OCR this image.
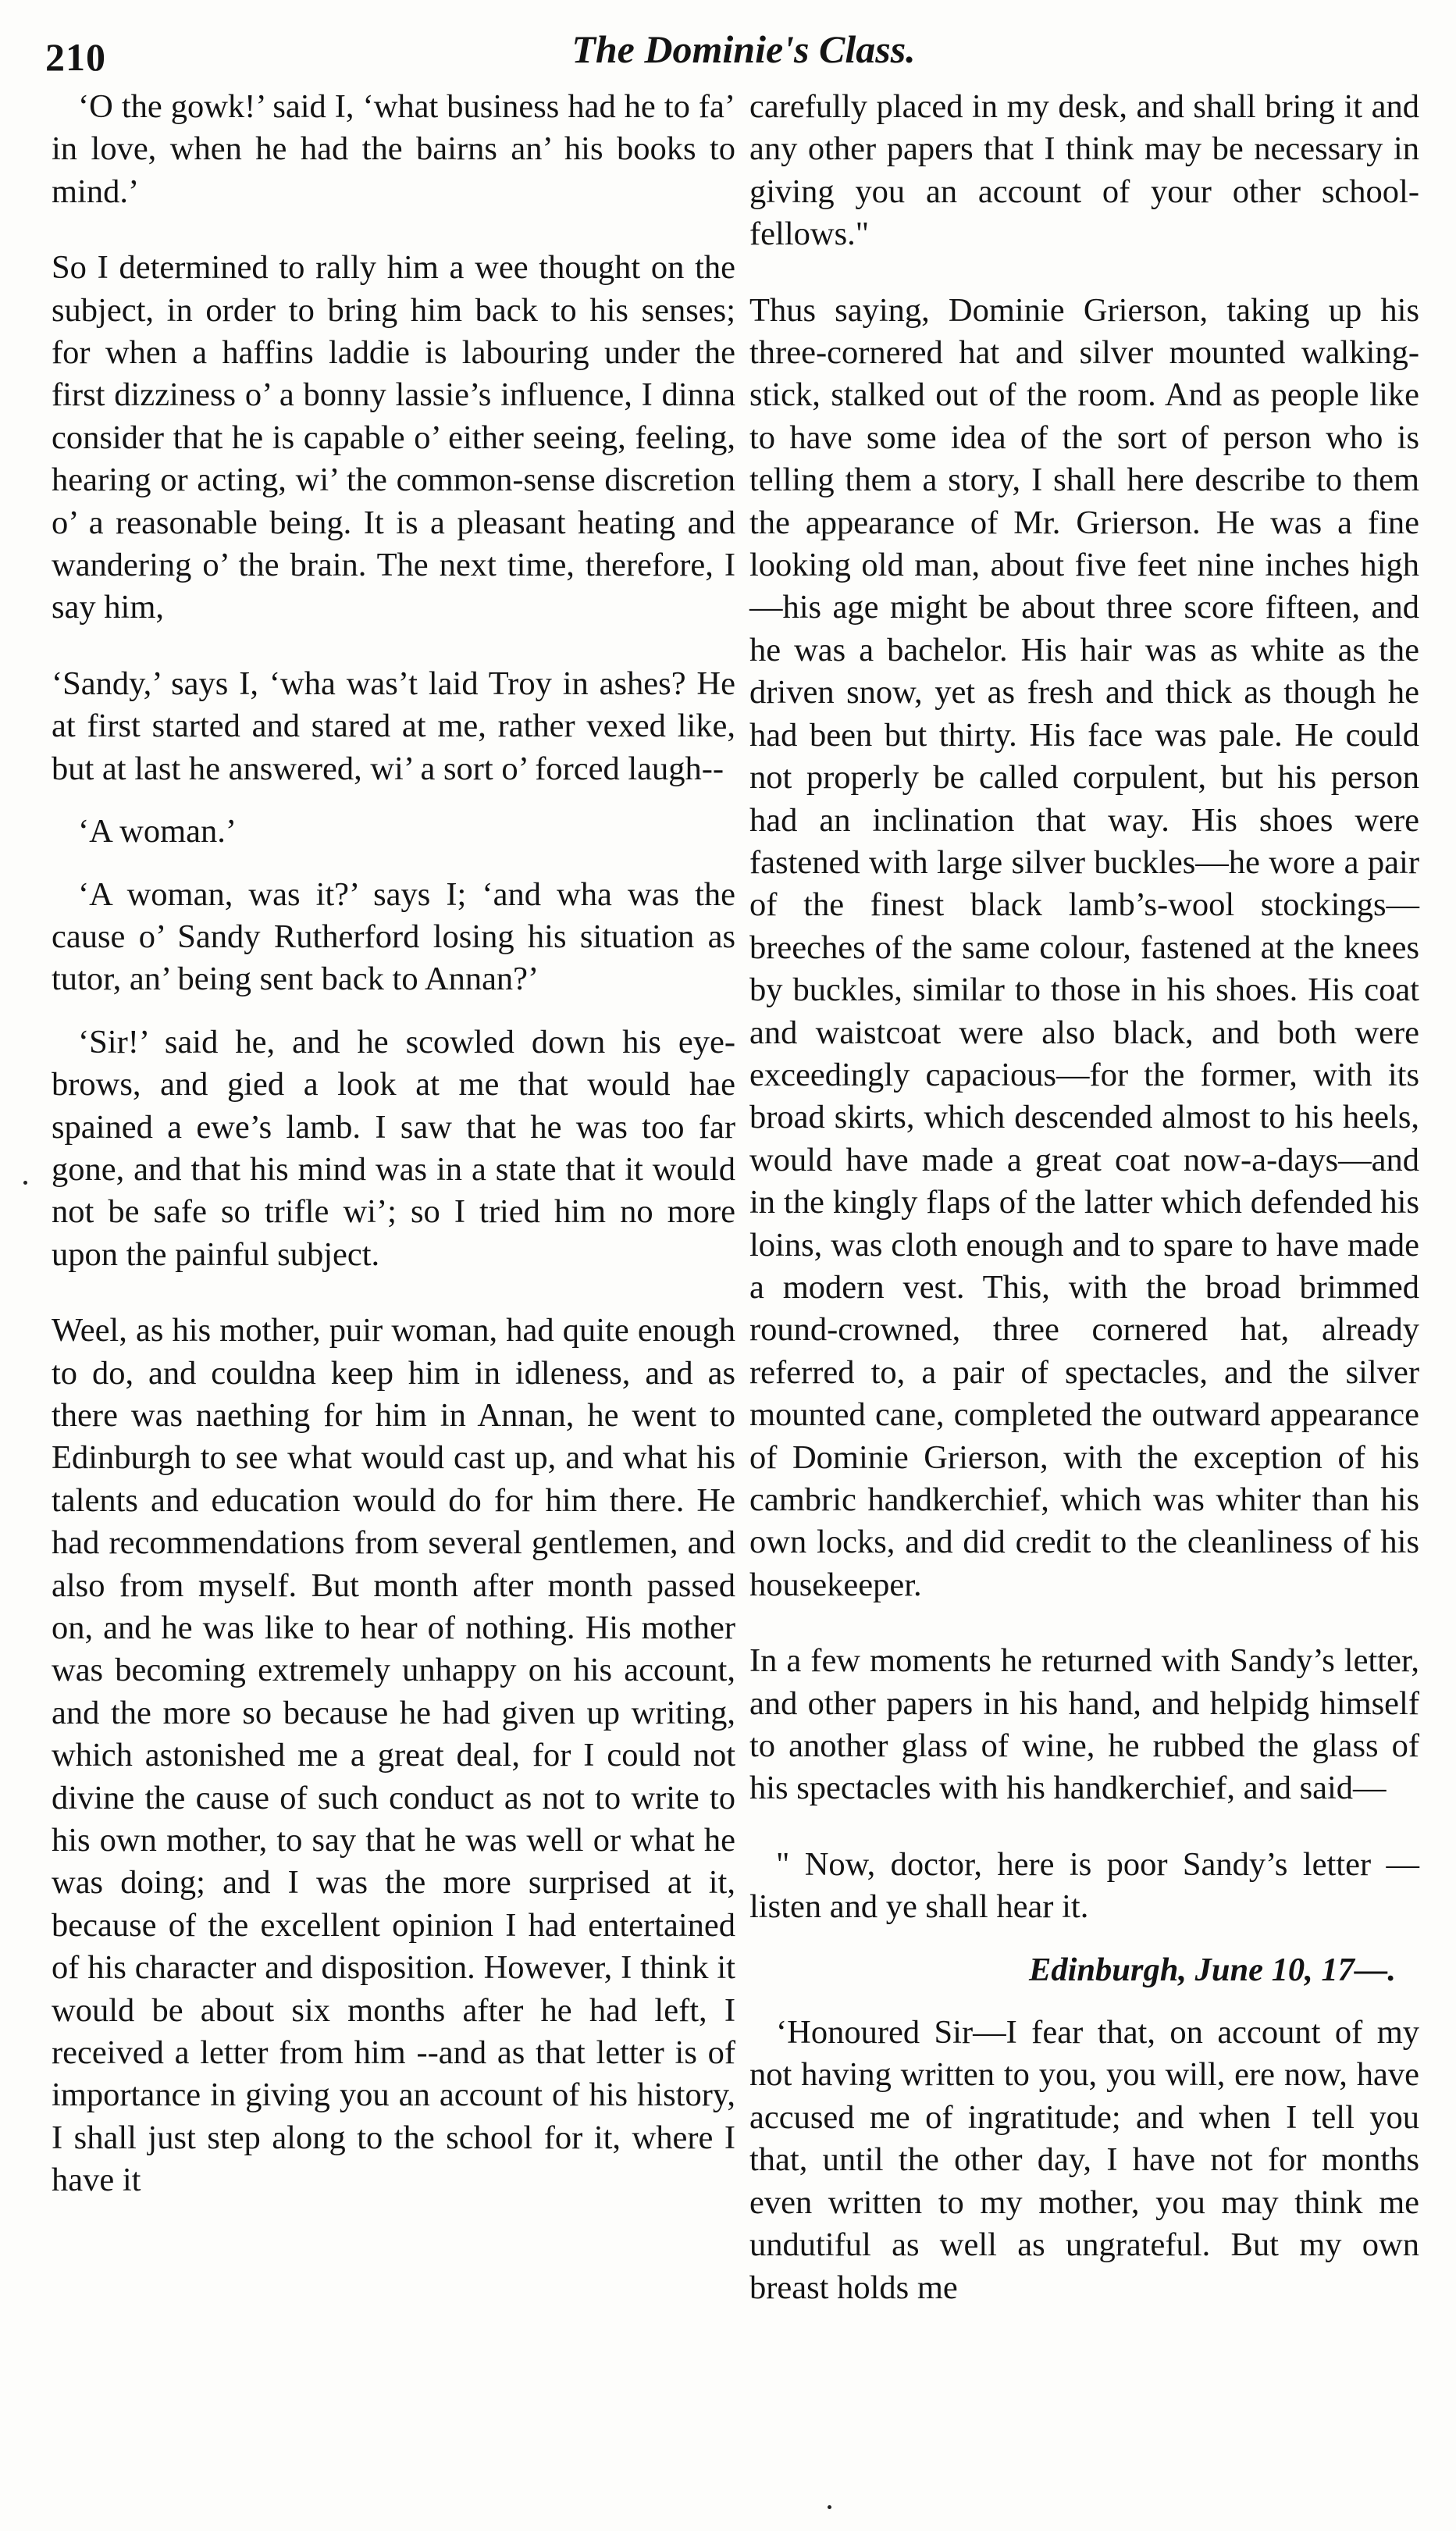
210	The Dominie's Class.

‘O the gowk!’ said I, ‘what business had he to fa’ in love, when he had the bairns an’ his books to mind.’

So I determined to rally him a wee thought on the subject, in order to bring him back to his senses; for when a haffins laddie is labouring under the first dizziness o’ a bonny lassie’s influence, I dinna consider that he is capable o’ either seeing, feeling, hearing or acting, wi’ the common-sense discretion o’ a reasonable being. It is a pleasant heating and wandering o’ the brain. The next time, therefore, I say him,

‘Sandy,’ says I, ‘wha was’t laid Troy in ashes? He at first started and stared at me, rather vexed like, but at last he answered, wi’ a sort o’ forced laugh--

‘A woman.’

‘A woman, was it?’ says I; ‘and wha was the cause o’ Sandy Rutherford losing his situation as tutor, an’ being sent back to Annan?’

‘Sir!’ said he, and he scowled down his eye-brows, and gied a look at me that would hae spained a ewe’s lamb. I saw that he was too far gone, and that his mind was in a state that it would not be safe so trifle wi’; so I tried him no more upon the painful subject.

Weel, as his mother, puir woman, had quite enough to do, and couldna keep him in idleness, and as there was naething for him in Annan, he went to Edinburgh to see what would cast up, and what his talents and education would do for him there. He had recommendations from several gentlemen, and also from myself. But month after month passed on, and he was like to hear of nothing. His mother was becoming extremely unhappy on his account, and the more so because he had given up writing, which astonished me a great deal, for I could not divine the cause of such conduct as not to write to his own mother, to say that he was well or what he was doing; and I was the more surprised at it, because of the excellent opinion I had entertained of his character and disposition. However, I think it would be about six months after he had left, I received a letter from him --and as that letter is of importance in giving you an account of his history, I shall just step along to the school for it, where I have it

carefully placed in my desk, and shall bring it and any other papers that I think may be necessary in giving you an account of your other school-fellows."

Thus saying, Dominie Grierson, taking up his three-cornered hat and silver mounted walking-stick, stalked out of the room. And as people like to have some idea of the sort of person who is telling them a story, I shall here describe to them the appearance of Mr. Grierson. He was a fine looking old man, about five feet nine inches high—his age might be about three score fifteen, and he was a bachelor. His hair was as white as the driven snow, yet as fresh and thick as though he had been but thirty. His face was pale. He could not properly be called corpulent, but his person had an inclination that way. His shoes were fastened with large silver buckles—he wore a pair of the finest black lamb’s-wool stockings—breeches of the same colour, fastened at the knees by buckles, similar to those in his shoes. His coat and waistcoat were also black, and both were exceedingly capacious—for the former, with its broad skirts, which descended almost to his heels, would have made a great coat now-a-days—and in the kingly flaps of the latter which defended his loins, was cloth enough and to spare to have made a modern vest. This, with the broad brimmed round-crowned, three cornered hat, already referred to, a pair of spectacles, and the silver mounted cane, completed the outward appearance of Dominie Grierson, with the exception of his cambric handkerchief, which was whiter than his own locks, and did credit to the cleanliness of his housekeeper.

In a few moments he returned with Sandy’s letter, and other papers in his hand, and helpidg himself to another glass of wine, he rubbed the glass of his spectacles with his handkerchief, and said—

" Now, doctor, here is poor Sandy’s letter —listen and ye shall hear it.

Edinburgh, June 10, 17—.

‘Honoured Sir—I fear that, on account of my not having written to you, you will, ere now, have accused me of ingratitude; and when I tell you that, until the other day, I have not for months even written to my mother, you may think me undutiful as well as ungrateful. But my own breast holds me
